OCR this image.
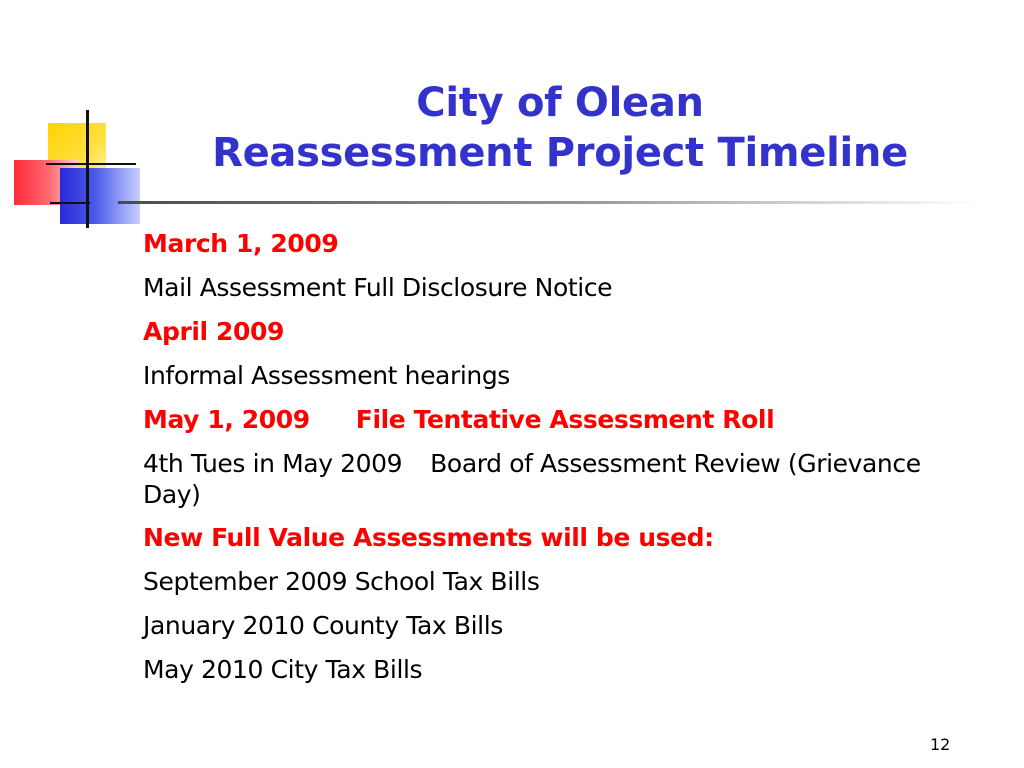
City of Olean
Reassessment Project Timeline
March 1, 2009
Mail Assessment Full Disclosure Notice
April 2009
Informal Assessment hearings
May 1, 2009 File Tentative Assessment Roll
4th Tues in May 2009 Board of Assessment Review (Grievance Day)
New Full Value Assessments will be used:
September 2009 School Tax Bills
January 2010 County Tax Bills
May 2010 City Tax Bills
12
